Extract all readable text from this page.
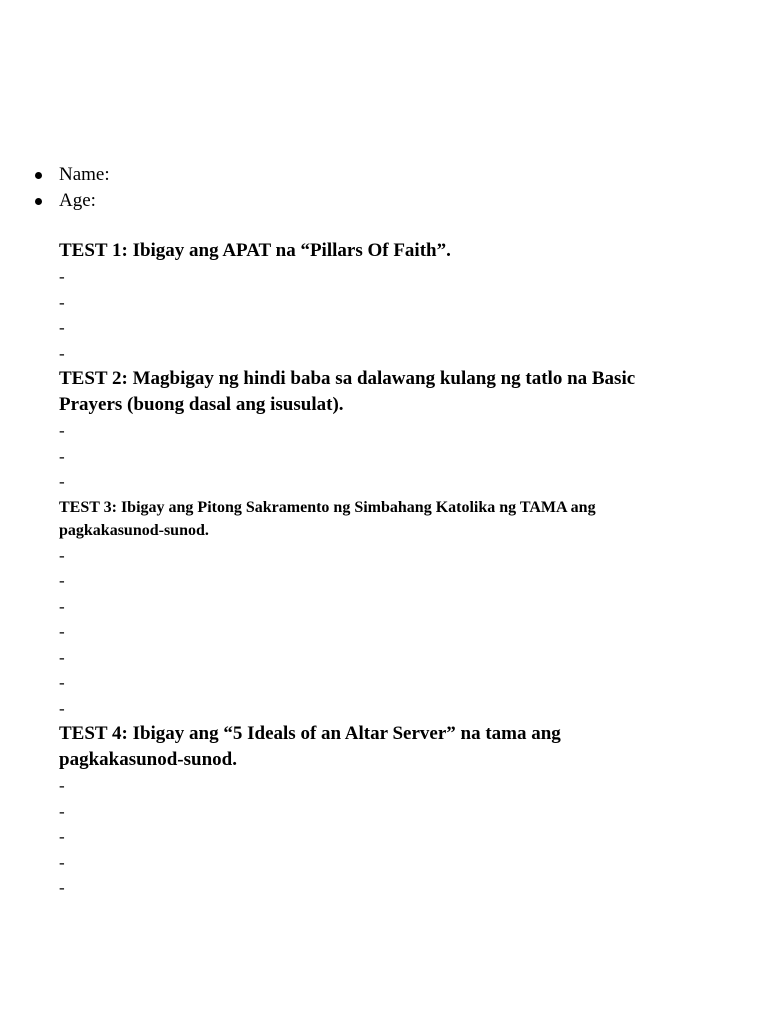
Name:
Age:

TEST 1: Ibigay ang APAT na “Pillars Of Faith”.

-
-
-
-

TEST 2: Magbigay ng hindi baba sa dalawang kulang ng tatlo na Basic Prayers (buong dasal ang isusulat).

-
-
-

TEST 3: Ibigay ang Pitong Sakramento ng Simbahang Katolika ng TAMA ang pagkakasunod-sunod.

-
-
-
-
-
-
-

TEST 4: Ibigay ang “5 Ideals of an Altar Server” na tama ang pagkakasunod-sunod.

-
-
-
-
-
